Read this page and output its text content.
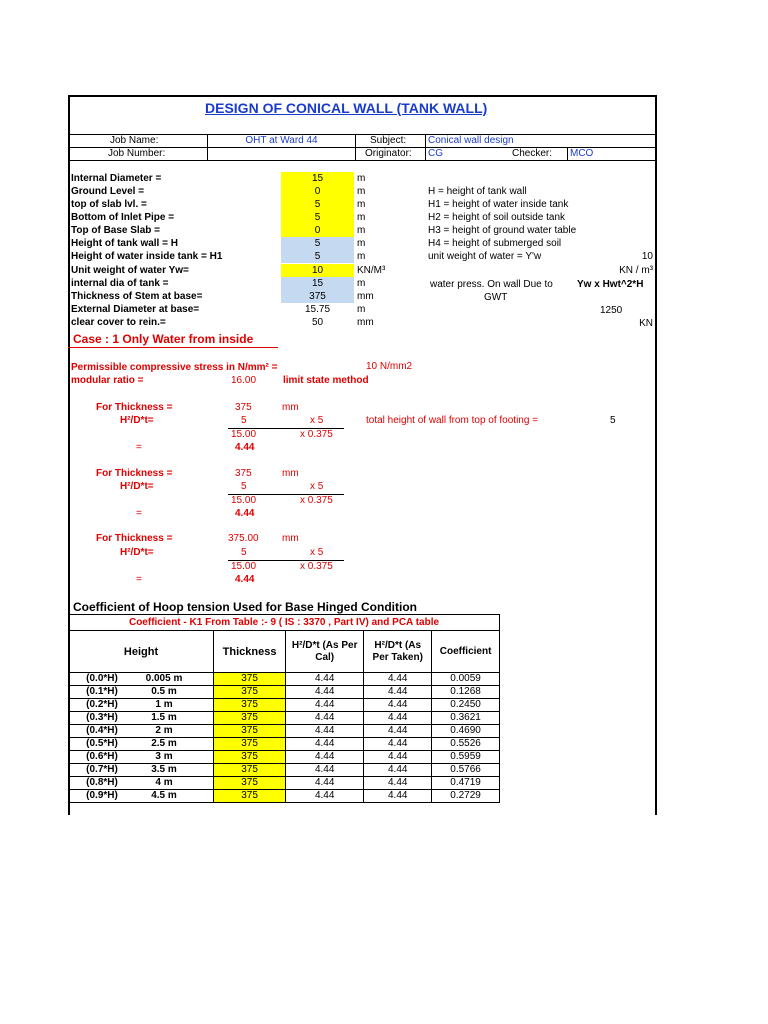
DESIGN OF CONICAL WALL (TANK WALL)
Job Name:	OHT at Ward 44	Subject: Conical wall design
Job Number:	Originator: CG	Checker: MCO
Internal Diameter =	15	m
Ground Level =	0	m
top of slab lvl. =	5	m
Bottom of Inlet Pipe =	5	m
Top of Base Slab =	0	m
Height of tank wall = H	5	m
Height of water inside tank = H1	5	m
Unit weight of water Yw=	10	KN/M³
internal dia of tank =	15	m
Thickness of Stem at base=	375	mm
External Diameter at base=	15.75	m
clear cover to rein.=	50	mm
H = height of tank wall
H1 = height of water inside tank
H2 = height of soil outside tank
H3 = height of ground water table
H4 = height of submerged soil
unit weight of water = Y'w	10
KN / m³
water press. On wall Due to Yw x Hwt^2*H
GWT
1250
KN
Case : 1 Only Water from inside
Permissible compressive stress in N/mm² =	10 N/mm2
modular ratio =	16.00	limit state method
total height of wall from top of footing =	5
For Thickness =	375	mm
H²/D*t=	5	x 5
15.00	x 0.375
=	4.44
For Thickness =	375	mm
H²/D*t=	5	x 5
15.00	x 0.375
=	4.44
For Thickness =	375.00 mm
H²/D*t=	5	x 5
15.00	x 0.375
=	4.44
Coefficient of Hoop tension Used for Base Hinged Condition
Coefficient - K1 From Table :- 9 ( IS : 3370 , Part IV) and PCA table				
Height	Thickness	H²/D*t (As Per Cal)	H²/D*t (As Per Taken)	Coefficient
(0.0*H) 0.005 m	375	4.44	4.44	0.0059
(0.1*H) 0.5 m	375	4.44	4.44	0.1268
(0.2*H) 1 m	375	4.44	4.44	0.2450
(0.3*H) 1.5 m	375	4.44	4.44	0.3621
(0.4*H) 2 m	375	4.44	4.44	0.4690
(0.5*H) 2.5 m	375	4.44	4.44	0.5526
(0.6*H) 3 m	375	4.44	4.44	0.5959
(0.7*H) 3.5 m	375	4.44	4.44	0.5766
(0.8*H) 4 m	375	4.44	4.44	0.4719
(0.9*H) 4.5 m	375	4.44	4.44	0.2729
